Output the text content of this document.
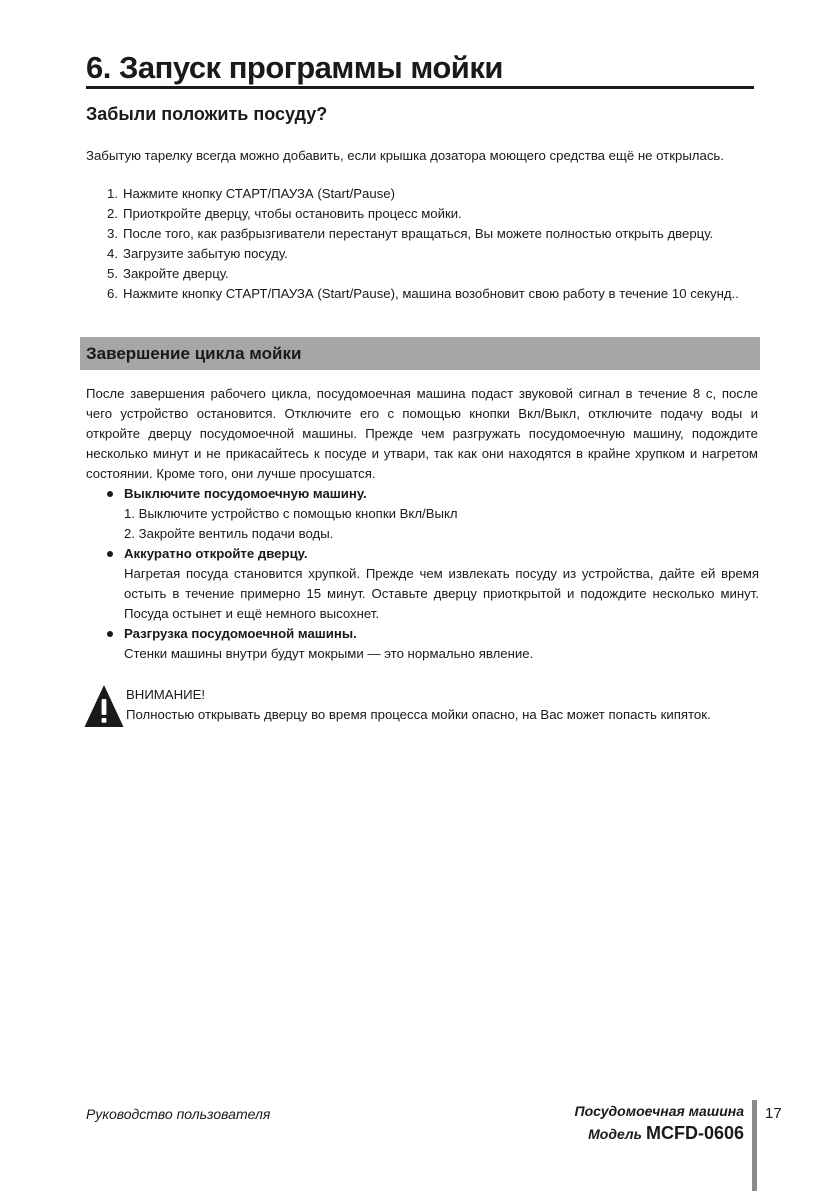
6. Запуск программы мойки
Забыли положить посуду?
Забытую тарелку всегда можно добавить, если крышка дозатора моющего средства ещё не открылась.
1. Нажмите кнопку СТАРТ/ПАУЗА (Start/Pause)
2. Приоткройте дверцу, чтобы остановить процесс мойки.
3. После того, как разбрызгиватели перестанут вращаться, Вы можете полностью открыть дверцу.
4. Загрузите забытую посуду.
5. Закройте дверцу.
6. Нажмите кнопку СТАРТ/ПАУЗА (Start/Pause), машина возобновит свою работу в течение 10 секунд..
Завершение цикла мойки
После завершения рабочего цикла, посудомоечная машина подаст звуковой сигнал в течение 8 с, после чего устройство остановится. Отключите его с помощью кнопки Вкл/Выкл, отключите подачу воды и откройте дверцу посудомоечной машины. Прежде чем разгружать посудомоечную машину, подождите несколько минут и не прикасайтесь к посуде и утвари, так как они находятся в крайне хрупком и нагретом состоянии. Кроме того, они лучше просушатся.
Выключите посудомоечную машину.
1. Выключите устройство с помощью кнопки Вкл/Выкл
2. Закройте вентиль подачи воды.
Аккуратно откройте дверцу.
Нагретая посуда становится хрупкой. Прежде чем извлекать посуду из устройства, дайте ей время остыть в течение примерно 15 минут. Оставьте дверцу приоткрытой и подождите несколько минут. Посуда остынет и ещё немного высохнет.
Разгрузка посудомоечной машины.
Стенки машины внутри будут мокрыми — это нормально явление.
ВНИМАНИЕ!
Полностью открывать дверцу во время процесса мойки опасно, на Вас может попасть кипяток.
Руководство пользователя	Посудомоечная машина
Модель MCFD-0606
17
